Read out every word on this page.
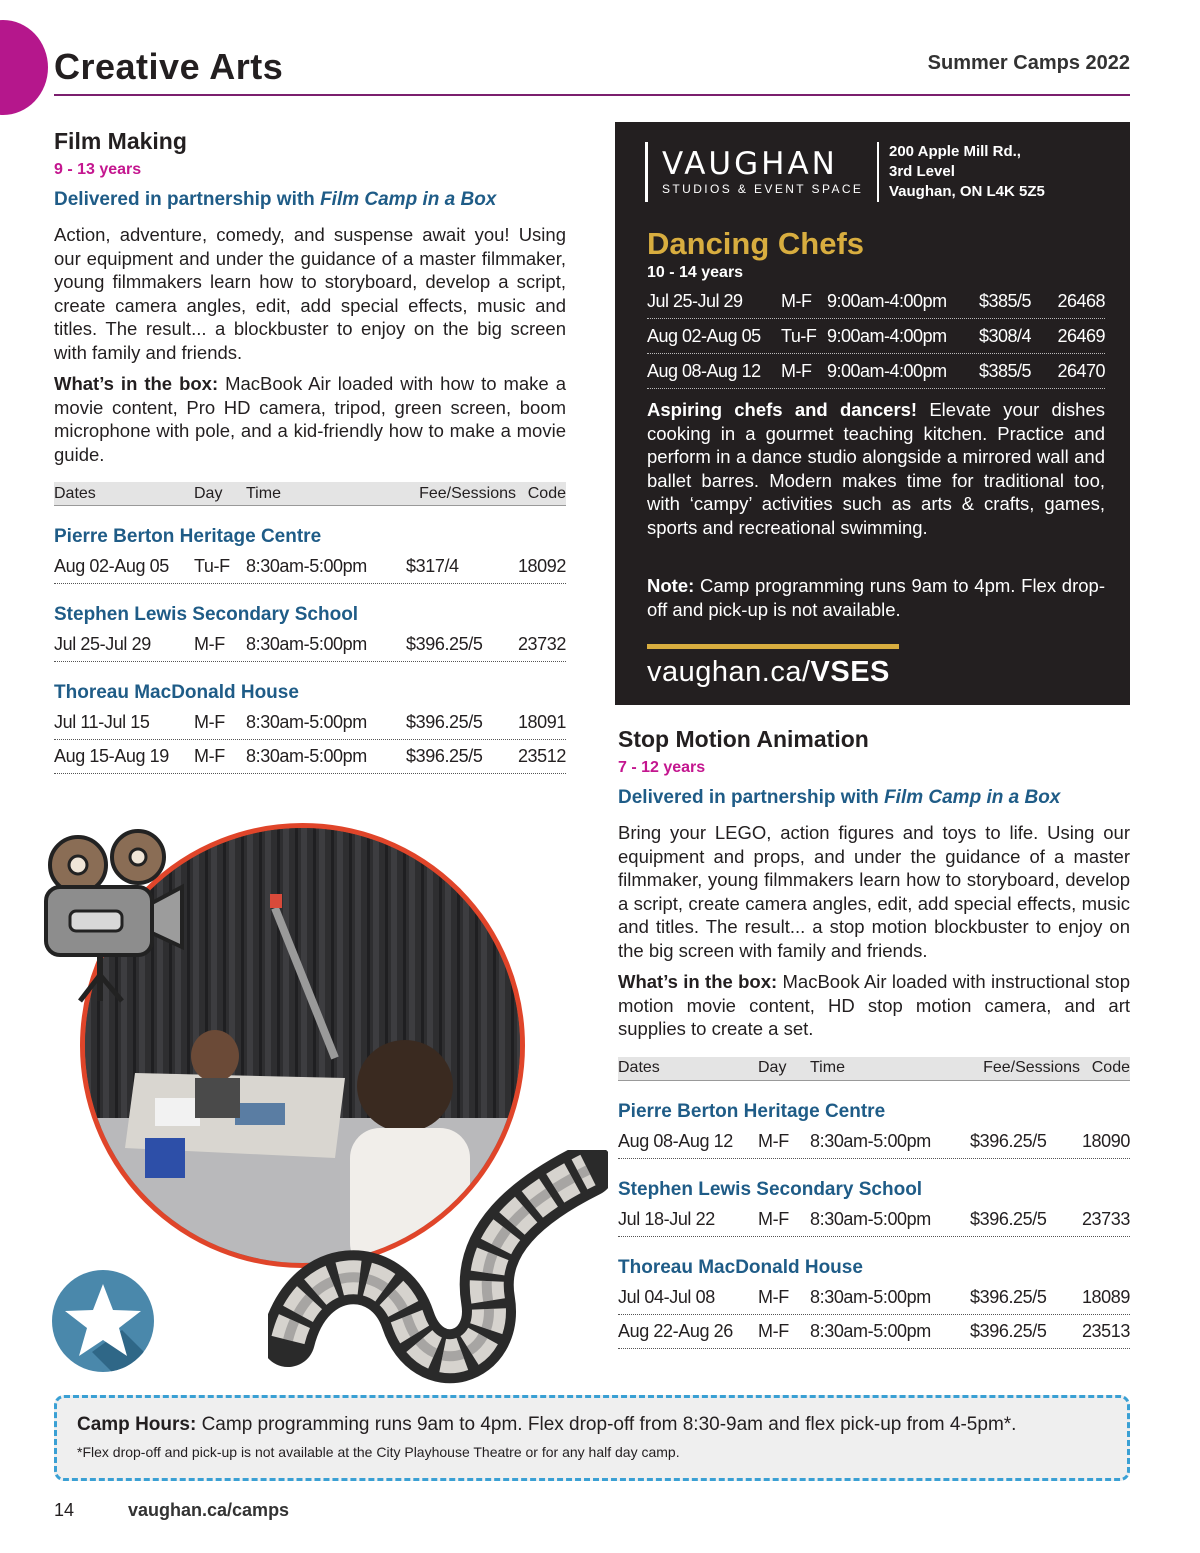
Creative Arts	Summer Camps 2022
Film Making
9 - 13 years
Delivered in partnership with Film Camp in a Box

Action, adventure, comedy, and suspense await you! Using our equipment and under the guidance of a master filmmaker, young filmmakers learn how to storyboard, develop a script, create camera angles, edit, add special effects, music and titles. The result... a blockbuster to enjoy on the big screen with family and friends.

What’s in the box: MacBook Air loaded with how to make a movie content, Pro HD camera, tripod, green screen, boom microphone with pole, and a kid-friendly how to make a movie guide.

Dates	Day	Time	Fee/Sessions Code
Pierre Berton Heritage Centre
Aug 02-Aug 05	Tu-F 8:30am-5:00pm	$317/4	18092
Stephen Lewis Secondary School
Jul 25-Jul 29	M-F	8:30am-5:00pm	$396.25/5	23732
Thoreau MacDonald House
Jul 11-Jul 15	M-F	8:30am-5:00pm	$396.25/5	18091
Aug 15-Aug 19	M-F	8:30am-5:00pm	$396.25/5	23512
VAUGHAN
STUDIOS & EVENT SPACE
200 Apple Mill Rd.,
3rd Level
Vaughan, ON L4K 5Z5
Dancing Chefs
10 - 14 years
Jul 25-Jul 29	M-F 9:00am-4:00pm	$385/5	26468
Aug 02-Aug 05	Tu-F 9:00am-4:00pm	$308/4	26469
Aug 08-Aug 12	M-F 9:00am-4:00pm	$385/5	26470

Aspiring chefs and dancers! Elevate your dishes cooking in a gourmet teaching kitchen. Practice and perform in a dance studio alongside a mirrored wall and ballet barres. Modern makes time for traditional too, with ‘campy’ activities such as arts & crafts, games, sports and recreational swimming.

Note: Camp programming runs 9am to 4pm. Flex drop-off and pick-up is not available.

vaughan.ca/VSES
Stop Motion Animation
7 - 12 years
Delivered in partnership with Film Camp in a Box

Bring your LEGO, action figures and toys to life. Using our equipment and props, and under the guidance of a master filmmaker, young filmmakers learn how to storyboard, develop a script, create camera angles, edit, add special effects, music and titles. The result... a stop motion blockbuster to enjoy on the big screen with family and friends.

What’s in the box: MacBook Air loaded with instructional stop motion movie content, HD stop motion camera, and art supplies to create a set.

Dates	Day	Time	Fee/Sessions Code
Pierre Berton Heritage Centre
Aug 08-Aug 12	M-F	8:30am-5:00pm	$396.25/5	18090
Stephen Lewis Secondary School
Jul 18-Jul 22	M-F	8:30am-5:00pm	$396.25/5	23733
Thoreau MacDonald House
Jul 04-Jul 08	M-F	8:30am-5:00pm	$396.25/5	18089
Aug 22-Aug 26	M-F	8:30am-5:00pm	$396.25/5	23513
Camp Hours: Camp programming runs 9am to 4pm. Flex drop-off from 8:30-9am and flex pick-up from 4-5pm*.
*Flex drop-off and pick-up is not available at the City Playhouse Theatre or for any half day camp.
14	vaughan.ca/camps
